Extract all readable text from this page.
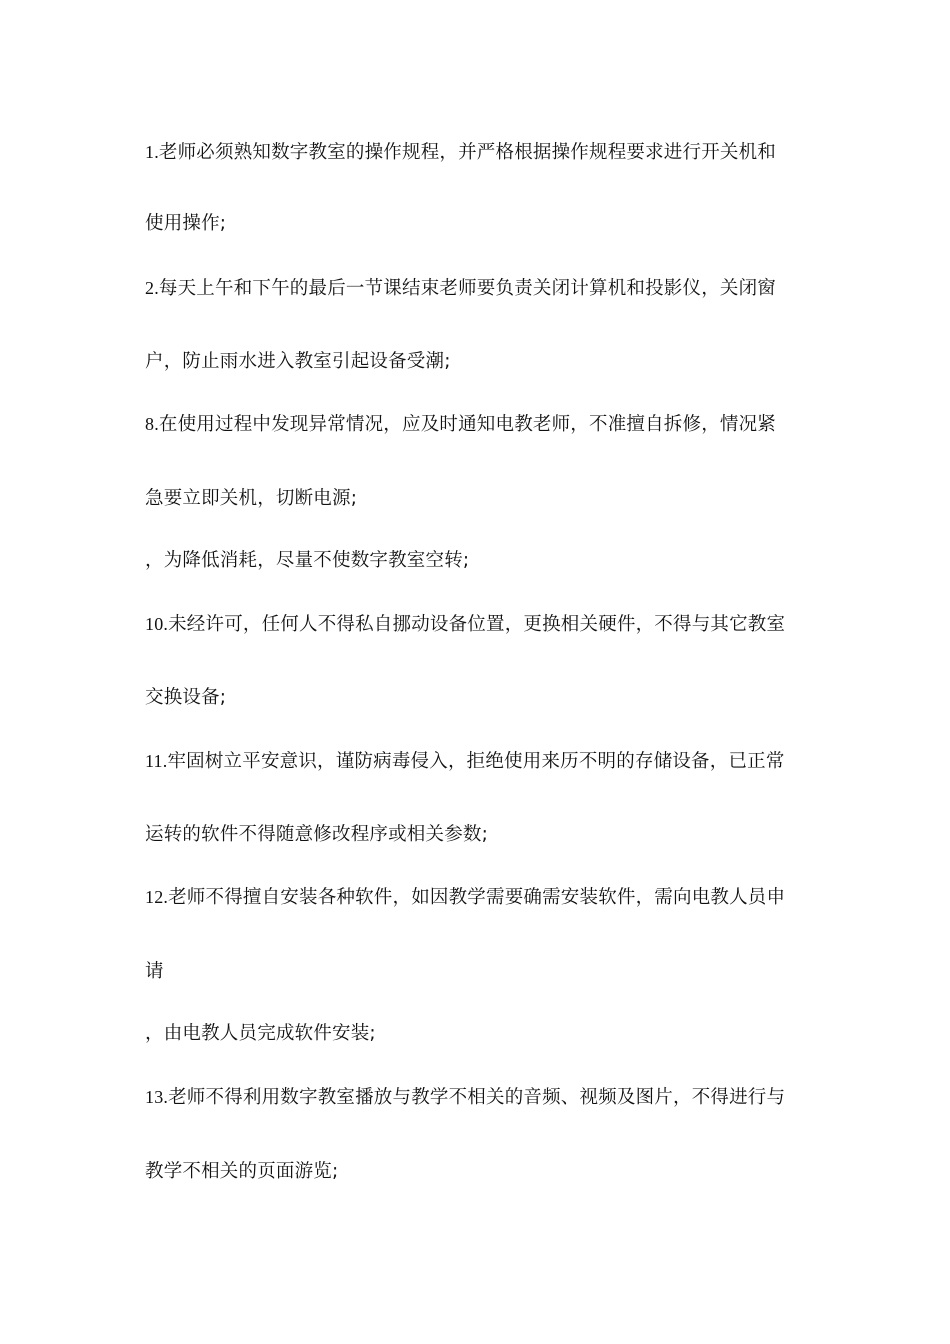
1.老师必须熟知数字教室的操作规程，并严格根据操作规程要求进行开关机和
使用操作;
2.每天上午和下午的最后一节课结束老师要负责关闭计算机和投影仪，关闭窗
户，防止雨水进入教室引起设备受潮;
8.在使用过程中发现异常情况，应及时通知电教老师，不准擅自拆修，情况紧
急要立即关机，切断电源;
，为降低消耗，尽量不使数字教室空转;
10.未经许可，任何人不得私自挪动设备位置，更换相关硬件，不得与其它教室
交换设备;
11.牢固树立平安意识，谨防病毒侵入，拒绝使用来历不明的存储设备，已正常
运转的软件不得随意修改程序或相关参数;
12.老师不得擅自安装各种软件，如因教学需要确需安装软件，需向电教人员申
请
，由电教人员完成软件安装;
13.老师不得利用数字教室播放与教学不相关的音频、视频及图片，不得进行与
教学不相关的页面游览;
